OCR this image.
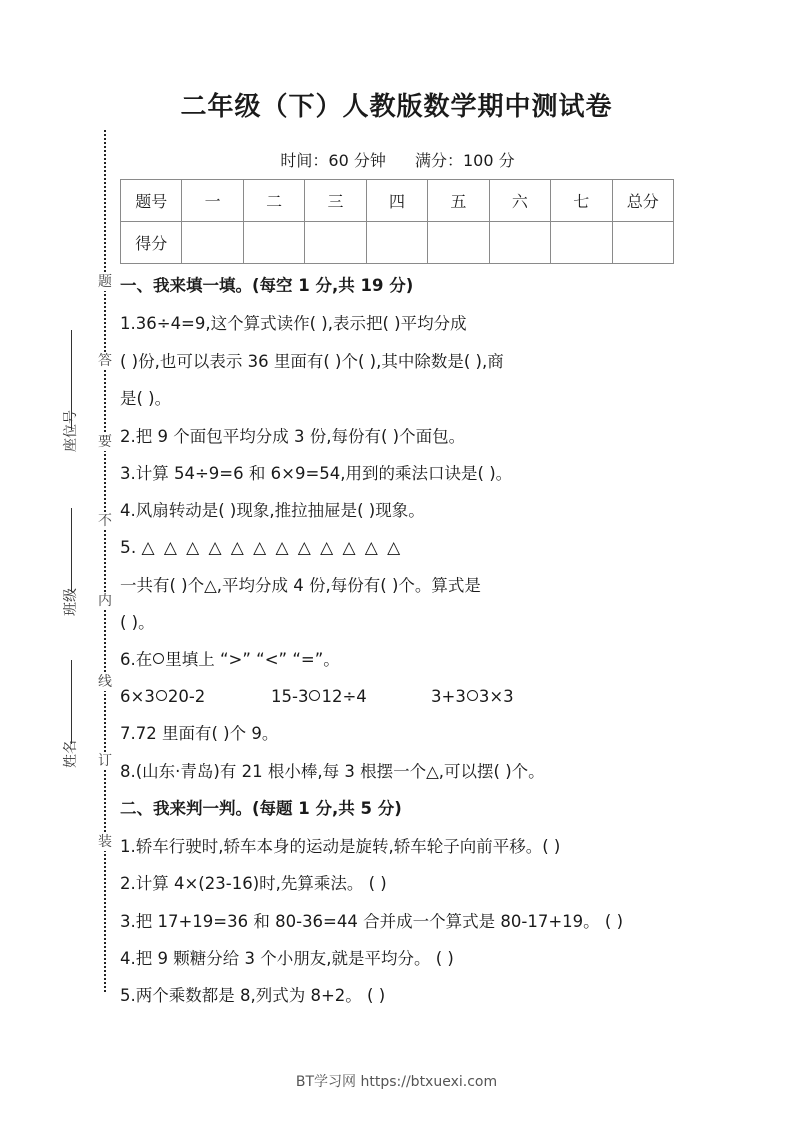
二年级（下）人教版数学期中测试卷
时间：60 分钟 满分：100 分
题号	一	二	三	四	五	六	七	总分
得分								
题
答
要
不
内
线
订
装
座位号
班级
姓名
一、我来填一填。(每空 1 分,共 19 分)
1.36÷4=9,这个算式读作( ),表示把( )平均分成
( )份,也可以表示 36 里面有( )个( ),其中除数是( ),商
是( )。
2.把 9 个面包平均分成 3 份,每份有( )个面包。
3.计算 54÷9=6 和 6×9=54,用到的乘法口诀是( )。
4.风扇转动是( )现象,推拉抽屉是( )现象。
5. △ △ △ △ △ △ △ △ △ △ △ △
一共有( )个△,平均分成 4 份,每份有( )个。算式是
( )。
6.在 里填上 “>” “<” “=”。
6×3 20-2	15-3 12÷4	3+3 3×3
7.72 里面有( )个 9。
8.(山东·青岛)有 21 根小棒,每 3 根摆一个△,可以摆( )个。
二、我来判一判。(每题 1 分,共 5 分)
1.轿车行驶时,轿车本身的运动是旋转,轿车轮子向前平移。( )
2.计算 4×(23-16)时,先算乘法。 ( )
3.把 17+19=36 和 80-36=44 合并成一个算式是 80-17+19。 ( )
4.把 9 颗糖分给 3 个小朋友,就是平均分。 ( )
5.两个乘数都是 8,列式为 8+2。 ( )
BT学习网 https://btxuexi.com
